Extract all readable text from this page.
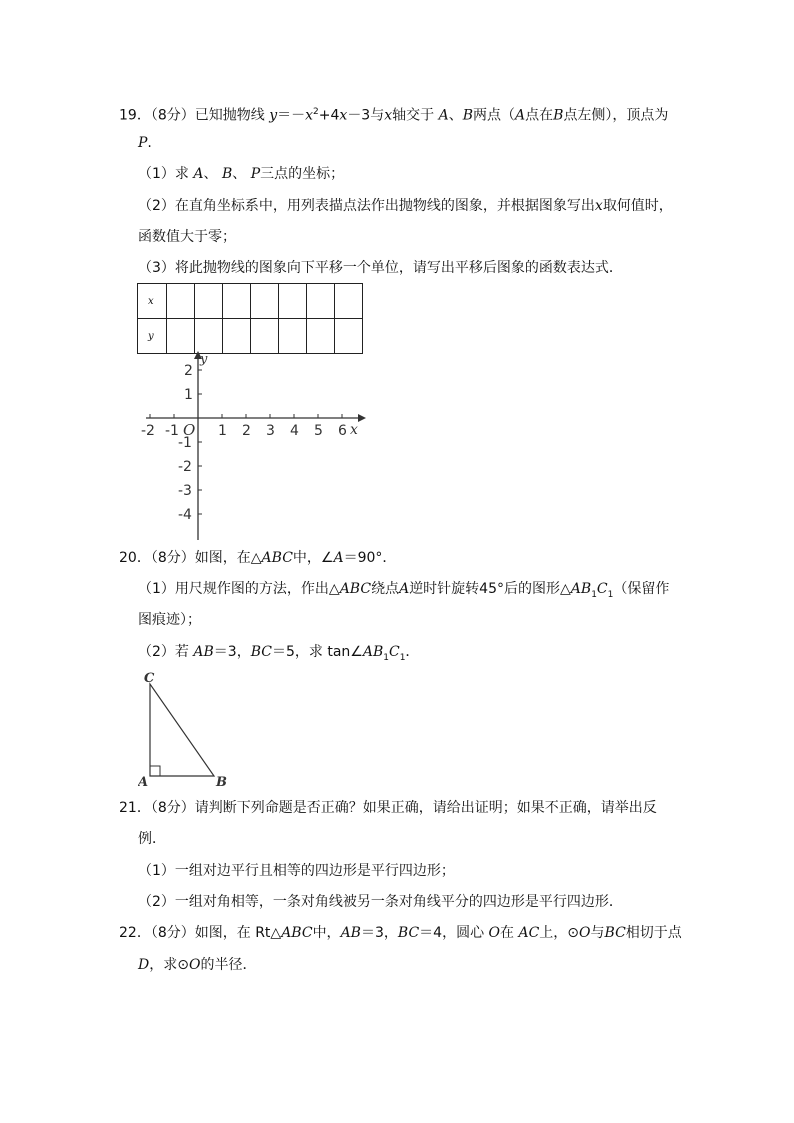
19．（8分）已知抛物线 $y=-x^2+4x-3$与x轴交于 A、B两点（A点在B点左侧），顶点为
P.
（1）求 A、 B、 P三点的坐标；
（2）在直角坐标系中，用列表描点法作出抛物线的图象，并根据图象写出x取何值时，
函数值大于零；
（3）将此抛物线的图象向下平移一个单位，请写出平移后图象的函数表达式．
x							
y							
-2 -1	1 2 3 4 5 6
2
1
-1
-2
-3
-4
x
y
O
20．（8分）如图，在△ABC中，∠A＝90°．
（1）用尺规作图的方法，作出△ABC绕点A逆时针旋转45°后的图形$\triangle AB_1C_1$（保留作
图痕迹）；
（2）若 AB＝3，BC＝5，求 $\tan\angle AB_1C_1$．
C
A	B
21．（8分）请判断下列命题是否正确？如果正确，请给出证明；如果不正确，请举出反
例．
（1）一组对边平行且相等的四边形是平行四边形；
（2）一组对角相等，一条对角线被另一条对角线平分的四边形是平行四边形．
22．（8分）如图，在 Rt△ABC中，AB＝3，BC＝4，圆心 O在 AC上，⊙O与BC相切于点
D，求⊙O的半径．
